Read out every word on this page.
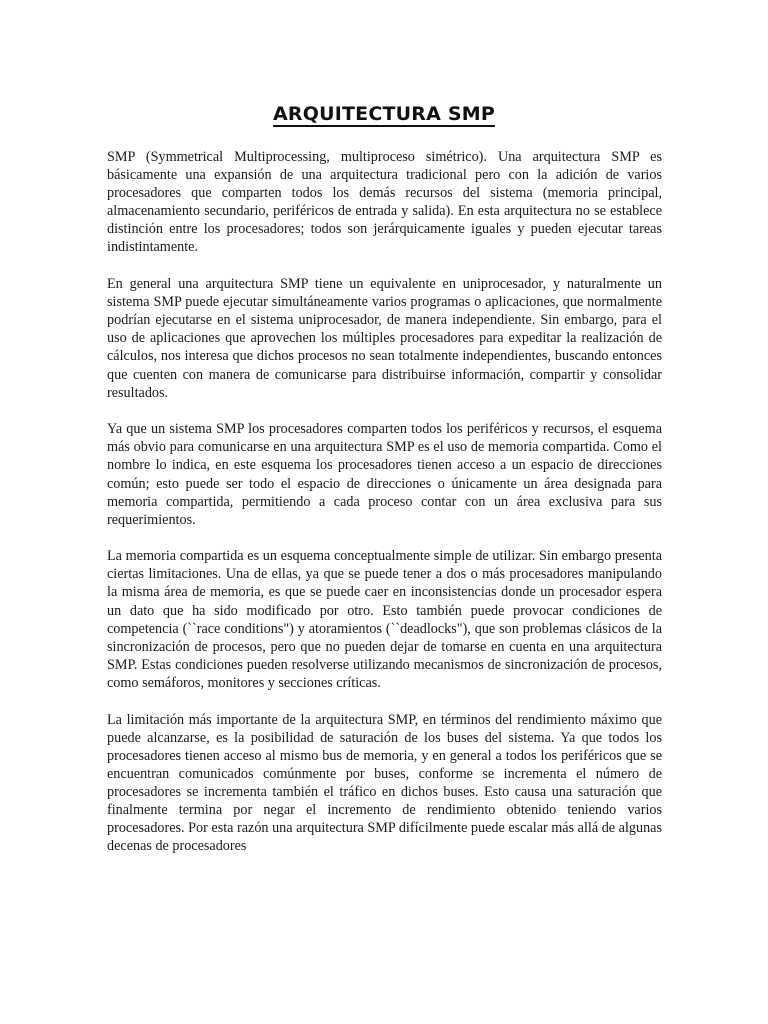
ARQUITECTURA SMP

SMP (Symmetrical Multiprocessing, multiproceso simétrico). Una arquitectura SMP es básicamente una expansión de una arquitectura tradicional pero con la adición de varios procesadores que comparten todos los demás recursos del sistema (memoria principal, almacenamiento secundario, periféricos de entrada y salida). En esta arquitectura no se establece distinción entre los procesadores; todos son jerárquicamente iguales y pueden ejecutar tareas indistintamente.

En general una arquitectura SMP tiene un equivalente en uniprocesador, y naturalmente un sistema SMP puede ejecutar simultáneamente varios programas o aplicaciones, que normalmente podrían ejecutarse en el sistema uniprocesador, de manera independiente. Sin embargo, para el uso de aplicaciones que aprovechen los múltiples procesadores para expeditar la realización de cálculos, nos interesa que dichos procesos no sean totalmente independientes, buscando entonces que cuenten con manera de comunicarse para distribuirse información, compartir y consolidar resultados.

Ya que un sistema SMP los procesadores comparten todos los periféricos y recursos, el esquema más obvio para comunicarse en una arquitectura SMP es el uso de memoria compartida. Como el nombre lo indica, en este esquema los procesadores tienen acceso a un espacio de direcciones común; esto puede ser todo el espacio de direcciones o únicamente un área designada para memoria compartida, permitiendo a cada proceso contar con un área exclusiva para sus requerimientos.

La memoria compartida es un esquema conceptualmente simple de utilizar. Sin embargo presenta ciertas limitaciones. Una de ellas, ya que se puede tener a dos o más procesadores manipulando la misma área de memoria, es que se puede caer en inconsistencias donde un procesador espera un dato que ha sido modificado por otro. Esto también puede provocar condiciones de competencia (``race conditions") y atoramientos (``deadlocks"), que son problemas clásicos de la sincronización de procesos, pero que no pueden dejar de tomarse en cuenta en una arquitectura SMP. Estas condiciones pueden resolverse utilizando mecanismos de sincronización de procesos, como semáforos, monitores y secciones críticas.

La limitación más importante de la arquitectura SMP, en términos del rendimiento máximo que puede alcanzarse, es la posibilidad de saturación de los buses del sistema. Ya que todos los procesadores tienen acceso al mismo bus de memoria, y en general a todos los periféricos que se encuentran comunicados comúnmente por buses, conforme se incrementa el número de procesadores se incrementa también el tráfico en dichos buses. Esto causa una saturación que finalmente termina por negar el incremento de rendimiento obtenido teniendo varios procesadores. Por esta razón una arquitectura SMP difícilmente puede escalar más allá de algunas decenas de procesadores
